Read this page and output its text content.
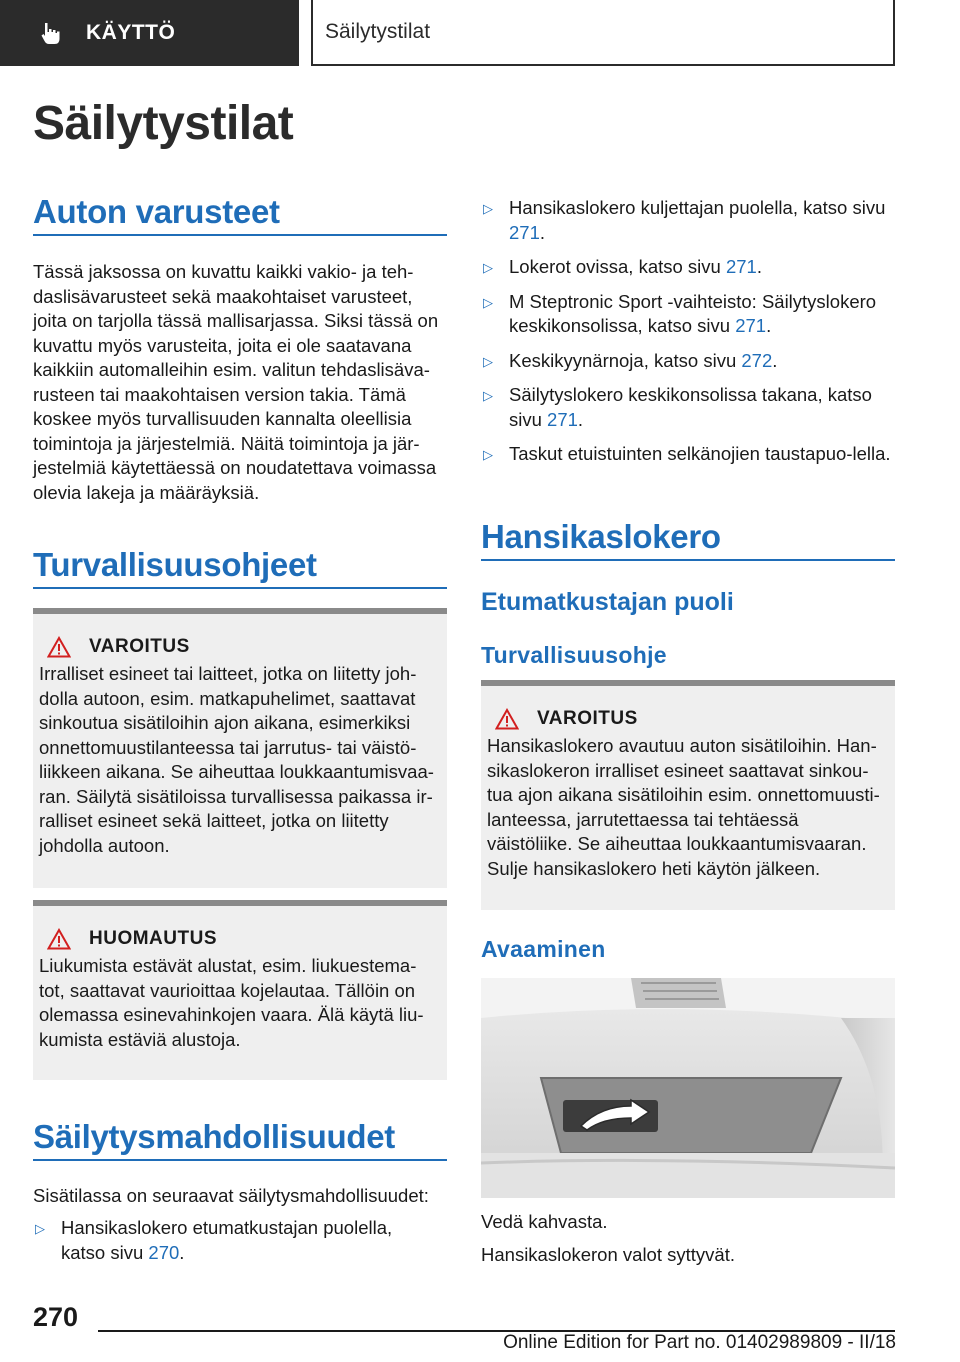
KÄYTTÖ	Säilytystilat
Säilytystilat
Auton varusteet
Tässä jaksossa on kuvattu kaikki vakio- ja teh-daslisävarusteet sekä maakohtaiset varusteet, joita on tarjolla tässä mallisarjassa. Siksi tässä on kuvattu myös varusteita, joita ei ole saatavana kaikkiin automalleihin esim. valitun tehdaslisäva-rusteen tai maakohtaisen version takia. Tämä koskee myös turvallisuuden kannalta oleellisia toimintoja ja järjestelmiä. Näitä toimintoja ja jär-jestelmiä käytettäessä on noudatettava voimassa olevia lakeja ja määräyksiä.
Turvallisuusohjeet
VAROITUS
Irralliset esineet tai laitteet, jotka on liitetty joh-dolla autoon, esim. matkapuhelimet, saattavat sinkoutua sisätiloihin ajon aikana, esimerkiksi onnettomuustilanteessa tai jarrutus- tai väistö-liikkeen aikana. Se aiheuttaa loukkaantumisvaa-ran. Säilytä sisätiloissa turvallisessa paikassa ir-ralliset esineet sekä laitteet, jotka on liitetty johdolla autoon.
HUOMAUTUS
Liukumista estävät alustat, esim. liukuestema-tot, saattavat vaurioittaa kojelautaa. Tällöin on olemassa esinevahinkojen vaara. Älä käytä liu-kumista estäviä alustoja.
Säilytysmahdollisuudet
Sisätilassa on seuraavat säilytysmahdollisuudet:
▷ Hansikaslokero etumatkustajan puolella, katso sivu 270.
▷ Hansikaslokero kuljettajan puolella, katso sivu 271.
▷ Lokerot ovissa, katso sivu 271.
▷ M Steptronic Sport -vaihteisto: Säilytyslokero keskikonsolissa, katso sivu 271.
▷ Keskikyynärnoja, katso sivu 272.
▷ Säilytyslokero keskikonsolissa takana, katso sivu 271.
▷ Taskut etuistuinten selkänojien taustapuo-lella.
Hansikaslokero
Etumatkustajan puoli
Turvallisuusohje
VAROITUS
Hansikaslokero avautuu auton sisätiloihin. Han-sikaslokeron irralliset esineet saattavat sinkou-tua ajon aikana sisätiloihin esim. onnettomuusti-lanteessa, jarrutettaessa tai tehtäessä väistöliike. Se aiheuttaa loukkaantumisvaaran. Sulje hansikaslokero heti käytön jälkeen.
Avaaminen
Vedä kahvasta.
Hansikaslokeron valot syttyvät.
270
Online Edition for Part no. 01402989809 - II/18
